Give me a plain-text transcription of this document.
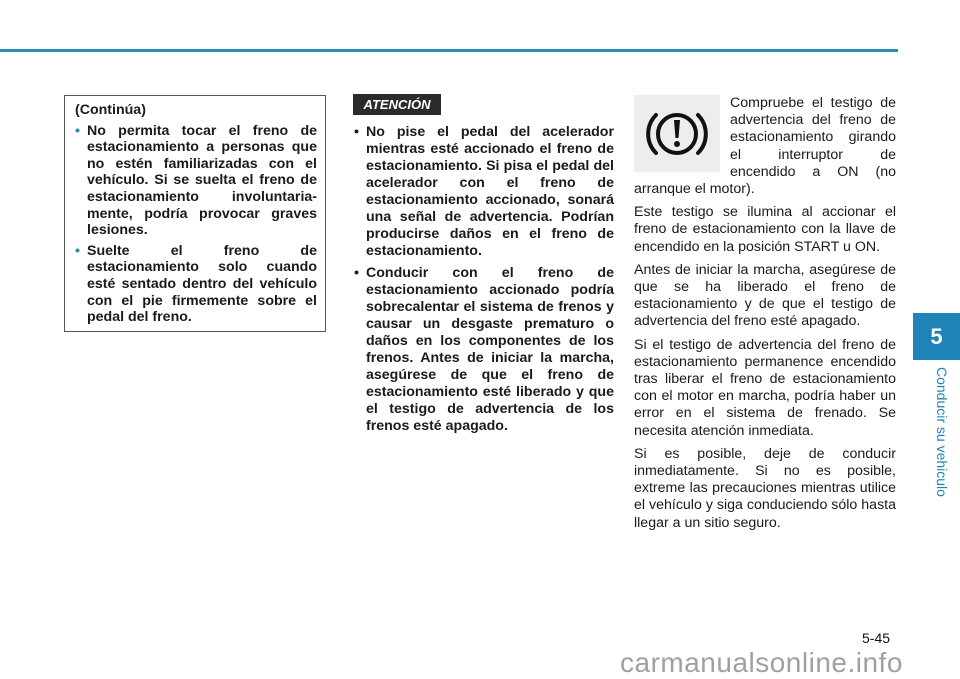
(Continúa)
• No permita tocar el freno de estacionamiento a personas que no estén familiarizadas con el vehículo. Si se suelta el freno de estacionamiento involuntaria-mente, podría provocar graves lesiones.
• Suelte el freno de estacionamiento solo cuando esté sentado dentro del vehículo con el pie firmemente sobre el pedal del freno.
ATENCIÓN
• No pise el pedal del acelerador mientras esté accionado el freno de estacionamiento. Si pisa el pedal del acelerador con el freno de estacionamiento accionado, sonará una señal de advertencia. Podrían producirse daños en el freno de estacionamiento.
• Conducir con el freno de estacionamiento accionado podría sobrecalentar el sistema de frenos y causar un desgaste prematuro o daños en los componentes de los frenos. Antes de iniciar la marcha, asegúrese de que el freno de estacionamiento esté liberado y que el testigo de advertencia de los frenos esté apagado.

Compruebe el testigo de advertencia del freno de estacionamiento girando el interruptor de encendido a ON (no arranque el motor).

Este testigo se ilumina al accionar el freno de estacionamiento con la llave de encendido en la posición START u ON.

Antes de iniciar la marcha, asegúrese de que se ha liberado el freno de estacionamiento y de que el testigo de advertencia del freno esté apagado.

Si el testigo de advertencia del freno de estacionamiento permanence encendido tras liberar el freno de estacionamiento con el motor en marcha, podría haber un error en el sistema de frenado. Se necesita atención inmediata.

Si es posible, deje de conducir inmediatamente. Si no es posible, extreme las precauciones mientras utilice el vehículo y siga conduciendo sólo hasta llegar a un sitio seguro.

5
Conducir su vehiculo
5-45
carmanualsonline.info
